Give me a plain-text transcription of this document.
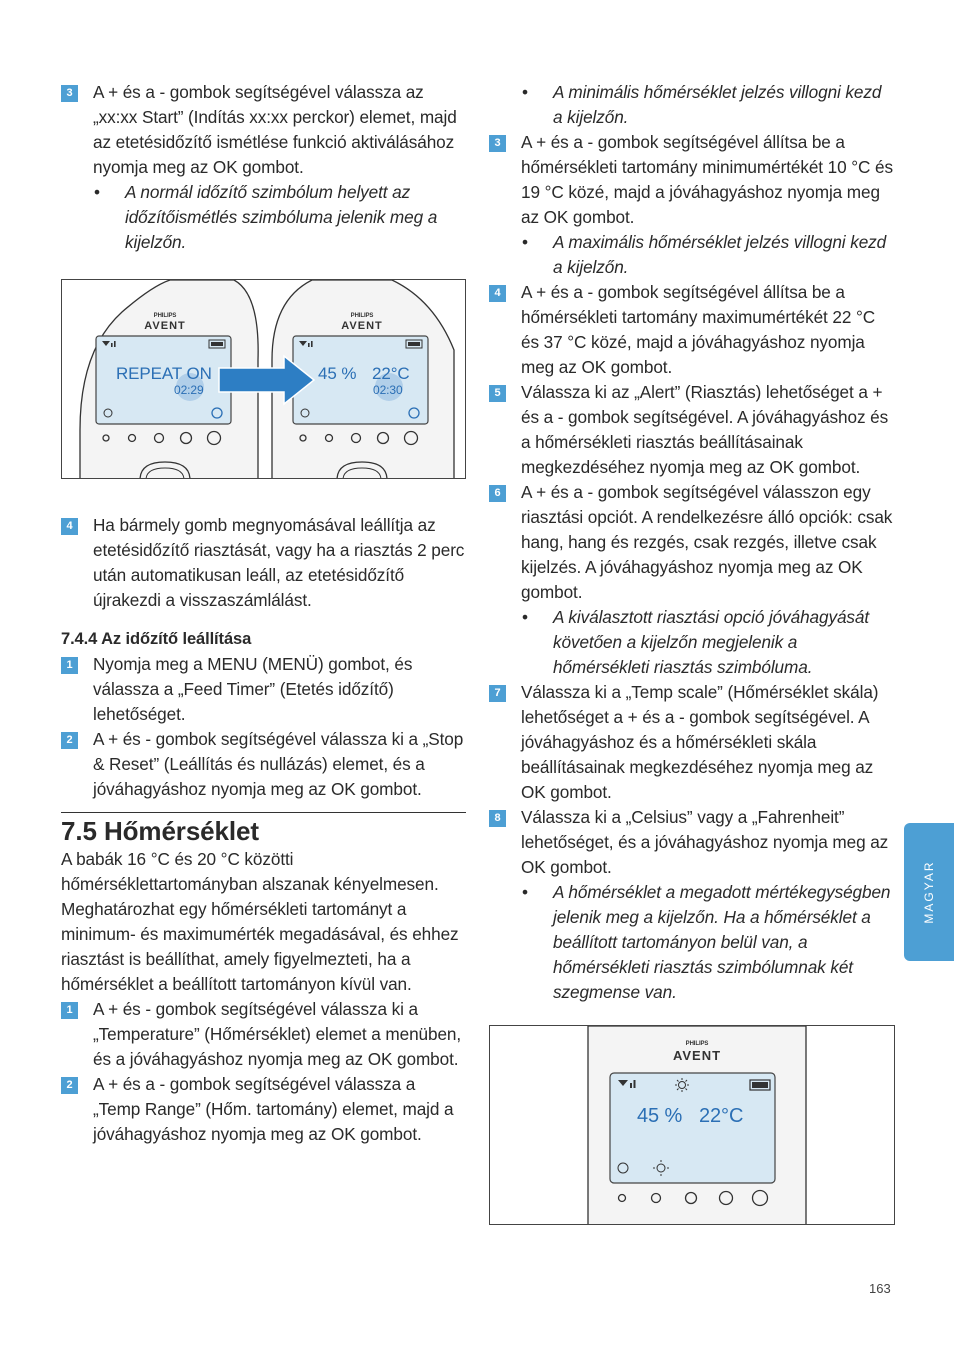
3	A + és a - gombok segítségével válassza az „xx:xx Start” (Indítás xx:xx perckor) elemet, majd az etetésidőzítő ismétlése funkció aktiválásához nyomja meg az OK gombot.
• A normál időzítő szimbólum helyett az időzítőismétlés szimbóluma jelenik meg a kijelzőn.
PHILIPS
AVENT
REPEAT ON
02:29
PHILIPS
AVENT
45 % 22°C
02:30
4	Ha bármely gomb megnyomásával leállítja az etetésidőzítő riasztását, vagy ha a riasztás 2 perc után automatikusan leáll, az etetésidőzítő újrakezdi a visszaszámlálást.
7.4.4 Az időzítő leállítása
1	Nyomja meg a MENU (MENÜ) gombot, és válassza a „Feed Timer” (Etetés időzítő) lehetőséget.
2	A + és - gombok segítségével válassza ki a „Stop & Reset” (Leállítás és nullázás) elemet, és a jóváhagyáshoz nyomja meg az OK gombot.
7.5 Hőmérséklet
A babák 16 °C és 20 °C közötti hőmérséklettartományban alszanak kényelmesen. Meghatározhat egy hőmérsékleti tartományt a minimum- és maximumérték megadásával, és ehhez riasztást is beállíthat, amely figyelmezteti, ha a hőmérséklet a beállított tartományon kívül van.
1	A + és - gombok segítségével válassza ki a „Temperature” (Hőmérséklet) elemet a menüben, és a jóváhagyáshoz nyomja meg az OK gombot.
2	A + és a - gombok segítségével válassza a „Temp Range” (Hőm. tartomány) elemet, majd a jóváhagyáshoz nyomja meg az OK gombot.
• A minimális hőmérséklet jelzés villogni kezd a kijelzőn.
3	A + és a - gombok segítségével állítsa be a hőmérsékleti tartomány minimumértékét 10 °C és 19 °C közé, majd a jóváhagyáshoz nyomja meg az OK gombot.
• A maximális hőmérséklet jelzés villogni kezd a kijelzőn.
4	A + és a - gombok segítségével állítsa be a hőmérsékleti tartomány maximumértékét 22 °C és 37 °C közé, majd a jóváhagyáshoz nyomja meg az OK gombot.
5	Válassza ki az „Alert” (Riasztás) lehetőséget a + és a - gombok segítségével. A jóváhagyáshoz és a hőmérsékleti riasztás beállításainak megkezdéséhez nyomja meg az OK gombot.
6	A + és a - gombok segítségével válasszon egy riasztási opciót. A rendelkezésre álló opciók: csak hang, hang és rezgés, csak rezgés, illetve csak kijelzés. A jóváhagyáshoz nyomja meg az OK gombot.
• A kiválasztott riasztási opció jóváhagyását követően a kijelzőn megjelenik a hőmérsékleti riasztás szimbóluma.
7	Válassza ki a „Temp scale” (Hőmérséklet skála) lehetőséget a + és a - gombok segítségével. A jóváhagyáshoz és a hőmérsékleti skála beállításainak megkezdéséhez nyomja meg az OK gombot.
8	Válassza ki a „Celsius” vagy a „Fahrenheit” lehetőséget, és a jóváhagyáshoz nyomja meg az OK gombot.
• A hőmérséklet a megadott mértékegységben jelenik meg a kijelzőn. Ha a hőmérséklet a beállított tartományon belül van, a hőmérsékleti riasztás szimbólumnak két szegmense van.
PHILIPS
AVENT
45 % 22°C
MAGYAR
163
